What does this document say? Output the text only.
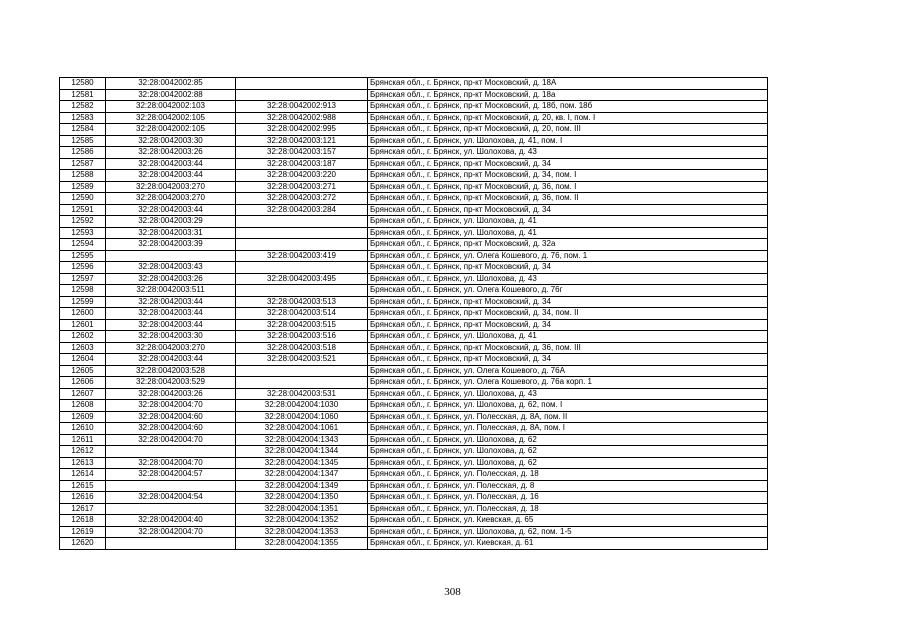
12580	32:28:0042002:85		Брянская обл., г. Брянск, пр-кт Московский, д. 18А
12581	32:28:0042002:88		Брянская обл., г. Брянск, пр-кт Московский, д. 18а
12582	32:28:0042002:103	32:28:0042002:913	Брянская обл., г. Брянск, пр-кт Московский, д. 18б, пом. 18б
12583	32:28:0042002:105	32:28:0042002:988	Брянская обл., г. Брянск, пр-кт Московский, д. 20, кв. I, пом. I
12584	32:28:0042002:105	32:28:0042002:995	Брянская обл., г. Брянск, пр-кт Московский, д. 20, пом. III
12585	32:28:0042003:30	32:28:0042003:121	Брянская обл., г. Брянск, ул. Шолохова, д. 41, пом. I
12586	32:28:0042003:26	32:28:0042003:157	Брянская обл., г. Брянск, ул. Шолохова, д. 43
12587	32:28:0042003:44	32:28:0042003:187	Брянская обл., г. Брянск, пр-кт Московский, д. 34
12588	32:28:0042003:44	32:28:0042003:220	Брянская обл., г. Брянск, пр-кт Московский, д. 34, пом. I
12589	32:28:0042003:270	32:28:0042003:271	Брянская обл., г. Брянск, пр-кт Московский, д. 36, пом. I
12590	32:28:0042003:270	32:28:0042003:272	Брянская обл., г. Брянск, пр-кт Московский, д. 36, пом. II
12591	32:28:0042003:44	32:28:0042003:284	Брянская обл., г. Брянск, пр-кт Московский, д. 34
12592	32:28:0042003:29		Брянская обл., г. Брянск, ул. Шолохова, д. 41
12593	32:28:0042003:31		Брянская обл., г. Брянск, ул. Шолохова, д. 41
12594	32:28:0042003:39		Брянская обл., г. Брянск, пр-кт Московский, д. 32а
12595		32:28:0042003:419	Брянская обл., г. Брянск, ул. Олега Кошевого, д. 76, пом. 1
12596	32:28:0042003:43		Брянская обл., г. Брянск, пр-кт Московский, д. 34
12597	32:28:0042003:26	32:28:0042003:495	Брянская обл., г. Брянск, ул. Шолохова, д. 43
12598	32:28:0042003:511		Брянская обл., г. Брянск, ул. Олега Кошевого, д. 76г
12599	32:28:0042003:44	32:28:0042003:513	Брянская обл., г. Брянск, пр-кт Московский, д. 34
12600	32:28:0042003:44	32:28:0042003:514	Брянская обл., г. Брянск, пр-кт Московский, д. 34, пом. II
12601	32:28:0042003:44	32:28:0042003:515	Брянская обл., г. Брянск, пр-кт Московский, д. 34
12602	32:28:0042003:30	32:28:0042003:516	Брянская обл., г. Брянск, ул. Шолохова, д. 41
12603	32:28:0042003:270	32:28:0042003:518	Брянская обл., г. Брянск, пр-кт Московский, д. 36, пом. III
12604	32:28:0042003:44	32:28:0042003:521	Брянская обл., г. Брянск, пр-кт Московский, д. 34
12605	32:28:0042003:528		Брянская обл., г. Брянск, ул. Олега Кошевого, д. 76А
12606	32:28:0042003:529		Брянская обл., г. Брянск, ул. Олега Кошевого, д. 76а корп. 1
12607	32:28:0042003:26	32:28:0042003:531	Брянская обл., г. Брянск, ул. Шолохова, д. 43
12608	32:28:0042004:70	32:28:0042004:1030	Брянская обл., г. Брянск, ул. Шолохова, д. 62, пом. I
12609	32:28:0042004:60	32:28:0042004:1060	Брянская обл., г. Брянск, ул. Полесская, д. 8А, пом. II
12610	32:28:0042004:60	32:28:0042004:1061	Брянская обл., г. Брянск, ул. Полесская, д. 8А, пом. I
12611	32:28:0042004:70	32:28:0042004:1343	Брянская обл., г. Брянск, ул. Шолохова, д. 62
12612		32:28:0042004:1344	Брянская обл., г. Брянск, ул. Шолохова, д. 62
12613	32:28:0042004:70	32:28:0042004:1345	Брянская обл., г. Брянск, ул. Шолохова, д. 62
12614	32:28:0042004:57	32:28:0042004:1347	Брянская обл., г. Брянск, ул. Полесская, д. 18
12615		32:28:0042004:1349	Брянская обл., г. Брянск, ул. Полесская, д. 8
12616	32:28:0042004:54	32:28:0042004:1350	Брянская обл., г. Брянск, ул. Полесская, д. 16
12617		32:28:0042004:1351	Брянская обл., г. Брянск, ул. Полесская, д. 18
12618	32:28:0042004:40	32:28:0042004:1352	Брянская обл., г. Брянск, ул. Киевская, д. 65
12619	32:28:0042004:70	32:28:0042004:1353	Брянская обл., г. Брянск, ул. Шолохова, д. 62, пом. 1-5
12620		32:28:0042004:1355	Брянская обл., г. Брянск, ул. Киевская, д. 61
308
